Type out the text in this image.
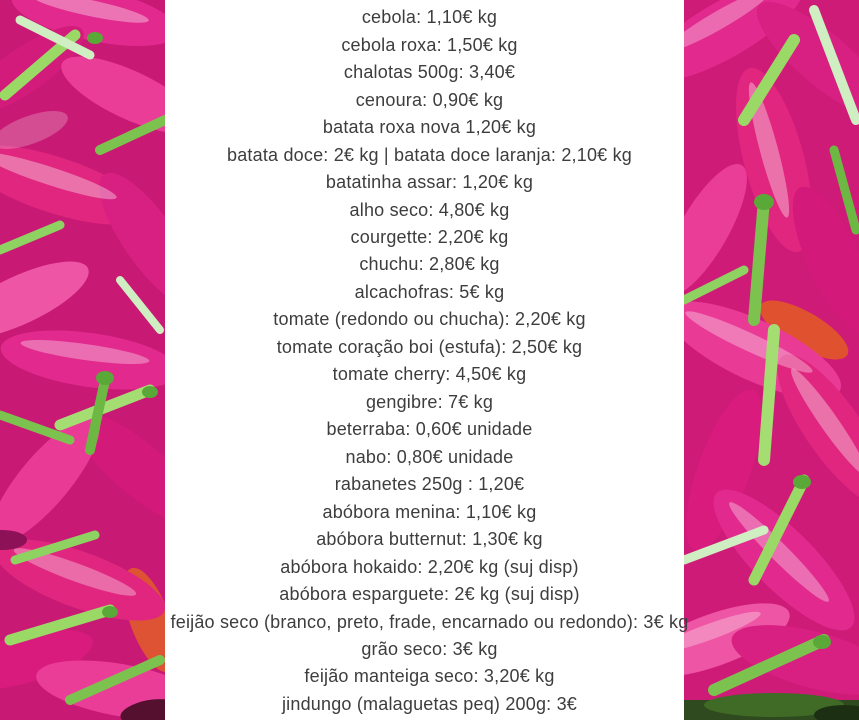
cebola: 1,10€ kg
cebola roxa: 1,50€ kg
chalotas 500g: 3,40€
cenoura: 0,90€ kg
batata roxa nova 1,20€ kg
batata doce: 2€ kg | batata doce laranja: 2,10€ kg
batatinha assar: 1,20€ kg
alho seco: 4,80€ kg
courgette: 2,20€ kg
chuchu: 2,80€ kg
alcachofras: 5€ kg
tomate (redondo ou chucha): 2,20€ kg
tomate coração boi (estufa): 2,50€ kg
tomate cherry: 4,50€ kg
gengibre: 7€ kg
beterraba: 0,60€ unidade
nabo: 0,80€ unidade
rabanetes 250g : 1,20€
abóbora menina: 1,10€ kg
abóbora butternut: 1,30€ kg
abóbora hokaido: 2,20€ kg (suj disp)
abóbora esparguete: 2€ kg (suj disp)
feijão seco (branco, preto, frade, encarnado ou redondo): 3€ kg
grão seco: 3€ kg
feijão manteiga seco: 3,20€ kg
jindungo (malaguetas peq) 200g: 3€
